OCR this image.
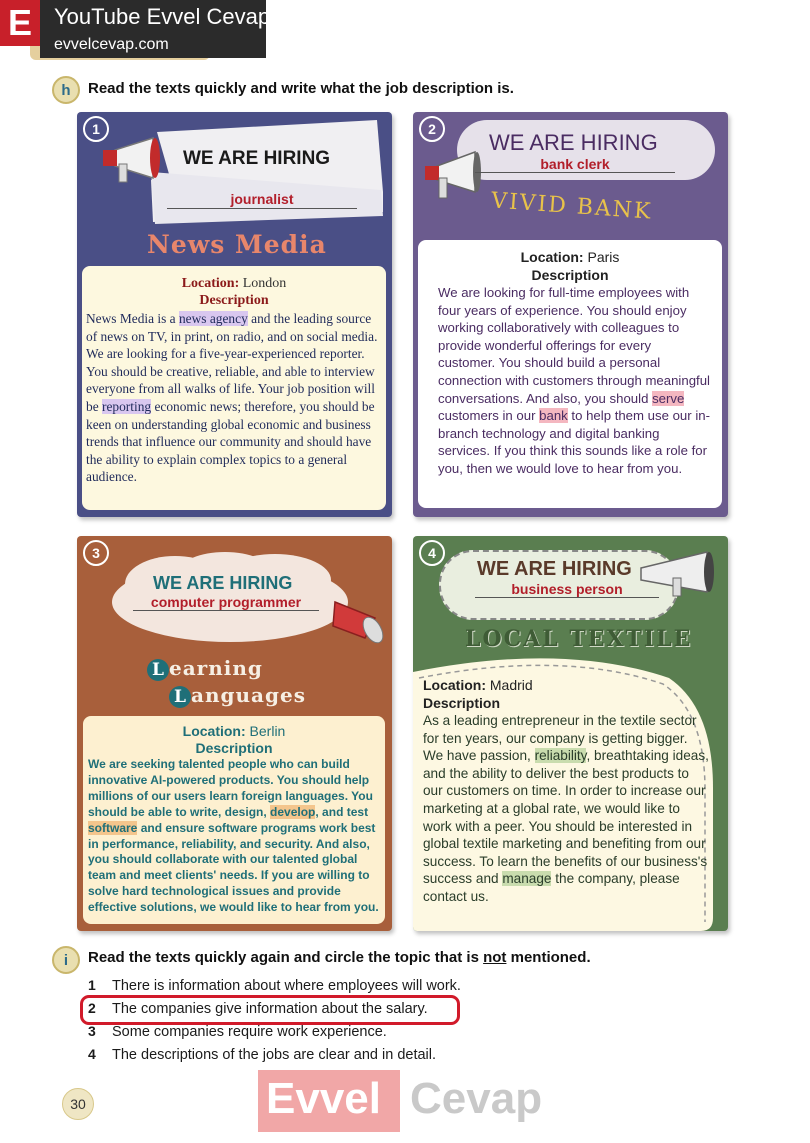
E	YouTube Evvel Cevap
evvelcevap.com
h	Read the texts quickly and write what the job description is.
1
WE ARE HIRING
journalist
News Media
Location: London
Description
News Media is a news agency and the leading source of news on TV, in print, on radio, and on social media. We are looking for a five-year-experienced reporter. You should be creative, reliable, and able to interview everyone from all walks of life. Your job position will be reporting economic news; therefore, you should be keen on understanding global economic and business trends that influence our community and should have the ability to explain complex topics to a general audience.
2
WE ARE HIRING
bank clerk
VIVID BANK
Location: Paris
Description
We are looking for full-time employees with four years of experience. You should enjoy working collaboratively with colleagues to provide wonderful offerings for every customer. You should build a personal connection with customers through meaningful conversations. And also, you should serve customers in our bank to help them use our in-branch technology and digital banking services. If you think this sounds like a role for you, then we would love to hear from you.
3
WE ARE HIRING
computer programmer
L earning
L anguages
Location: Berlin
Description
We are seeking talented people who can build innovative AI-powered products. You should help millions of our users learn foreign languages. You should be able to write, design, develop, and test software and ensure software programs work best in performance, reliability, and security. And also, you should collaborate with our talented global team and meet clients' needs. If you are willing to solve hard technological issues and provide effective solutions, we would like to hear from you.
4
WE ARE HIRING
business person
LOCAL TEXTILE
Location: Madrid
Description
As a leading entrepreneur in the textile sector for ten years, our company is getting bigger. We have passion, reliability, breathtaking ideas, and the ability to deliver the best products to our customers on time. In order to increase our marketing at a global rate, we would like to work with a peer. You should be interested in global textile marketing and benefiting from our success. To learn the benefits of our business's success and manage the company, please contact us.
i	Read the texts quickly again and circle the topic that is not mentioned.
1 There is information about where employees will work.
2 The companies give information about the salary.
3 Some companies require work experience.
4 The descriptions of the jobs are clear and in detail.
30	Evvel Cevap
